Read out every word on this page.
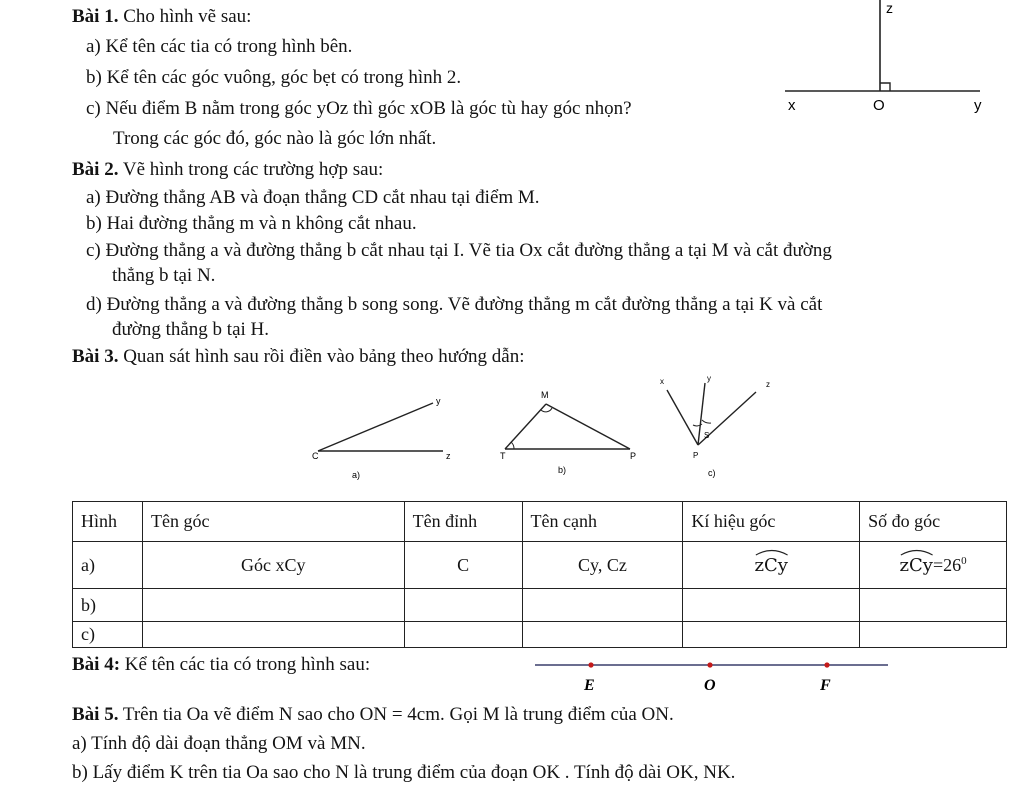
Bài 1. Cho hình vẽ sau:
a) Kể tên các tia có trong hình bên.
b) Kể tên các góc vuông, góc bẹt có trong hình 2.
c) Nếu điểm B nằm trong góc yOz thì góc xOB là góc tù hay góc nhọn?
Trong các góc đó, góc nào là góc lớn nhất.
z
x	O	y
Bài 2. Vẽ hình trong các trường hợp sau:
a) Đường thẳng AB và đoạn thẳng CD cắt nhau tại điểm M.
b) Hai đường thẳng m và n không cắt nhau.
c) Đường thẳng a và đường thẳng b cắt nhau tại I. Vẽ tia Ox cắt đường thẳng a tại M và cắt đường
thẳng b tại N.
d) Đường thẳng a và đường thẳng b song song. Vẽ đường thẳng m cắt đường thẳng a tại K và cắt
đường thẳng b tại H.
Bài 3. Quan sát hình sau rồi điền vào bảng theo hướng dẫn:
y
C	z
a)
M
T	P
b)
x	y
z
S
P
c)
Hình	Tên góc	Tên đỉnh	Tên cạnh	Kí hiệu góc	Số đo góc
a)	Góc xCy	C	Cy, Cz	zCy	$zCy=26^0$
b)					
c)					
Bài 4: Kể tên các tia có trong hình sau:
E	O	F
Bài 5. Trên tia Oa vẽ điểm N sao cho ON = 4cm. Gọi M là trung điểm của ON.
a) Tính độ dài đoạn thẳng OM và MN.
b) Lấy điểm K trên tia Oa sao cho N là trung điểm của đoạn OK . Tính độ dài OK, NK.
